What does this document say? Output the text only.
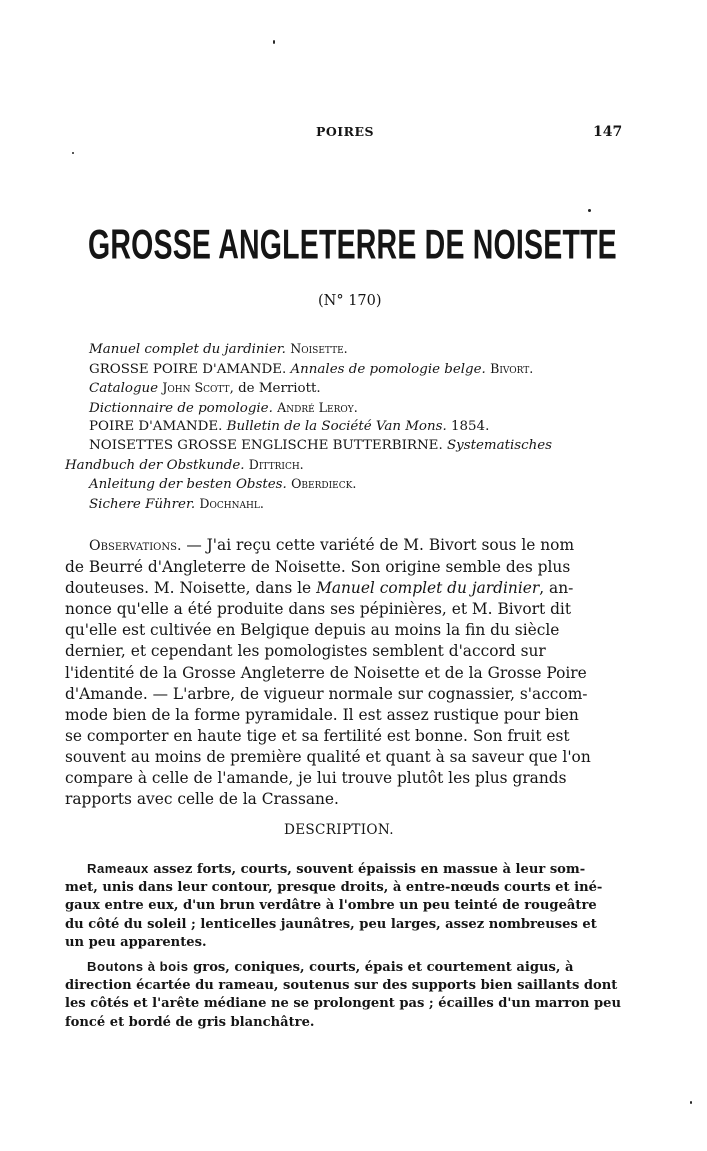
POIRES	147
GROSSE ANGLETERRE DE NOISETTE
(N° 170)
Manuel complet du jardinier. Noisette.
GROSSE POIRE D'AMANDE. Annales de pomologie belge. Bivort.
Catalogue John Scott, de Merriott.
Dictionnaire de pomologie. André Leroy.
POIRE D'AMANDE. Bulletin de la Société Van Mons. 1854.
NOISETTES GROSSE ENGLISCHE BUTTERBIRNE. Systematisches
Handbuch der Obstkunde. Dittrich.
Anleitung der besten Obstes. Oberdieck.
Sichere Führer. Dochnahl.
Observations. — J'ai reçu cette variété de M. Bivort sous le nom
de Beurré d'Angleterre de Noisette. Son origine semble des plus
douteuses. M. Noisette, dans le Manuel complet du jardinier, an-
nonce qu'elle a été produite dans ses pépinières, et M. Bivort dit
qu'elle est cultivée en Belgique depuis au moins la fin du siècle
dernier, et cependant les pomologistes semblent d'accord sur
l'identité de la Grosse Angleterre de Noisette et de la Grosse Poire
d'Amande. — L'arbre, de vigueur normale sur cognassier, s'accom-
mode bien de la forme pyramidale. Il est assez rustique pour bien
se comporter en haute tige et sa fertilité est bonne. Son fruit est
souvent au moins de première qualité et quant à sa saveur que l'on
compare à celle de l'amande, je lui trouve plutôt les plus grands
rapports avec celle de la Crassane.
DESCRIPTION.
Rameaux assez forts, courts, souvent épaissis en massue à leur som-
met, unis dans leur contour, presque droits, à entre-nœuds courts et iné-
gaux entre eux, d'un brun verdâtre à l'ombre un peu teinté de rougeâtre
du côté du soleil ; lenticelles jaunâtres, peu larges, assez nombreuses et
un peu apparentes.
Boutons à bois gros, coniques, courts, épais et courtement aigus, à
direction écartée du rameau, soutenus sur des supports bien saillants dont
les côtés et l'arête médiane ne se prolongent pas ; écailles d'un marron peu
foncé et bordé de gris blanchâtre.
